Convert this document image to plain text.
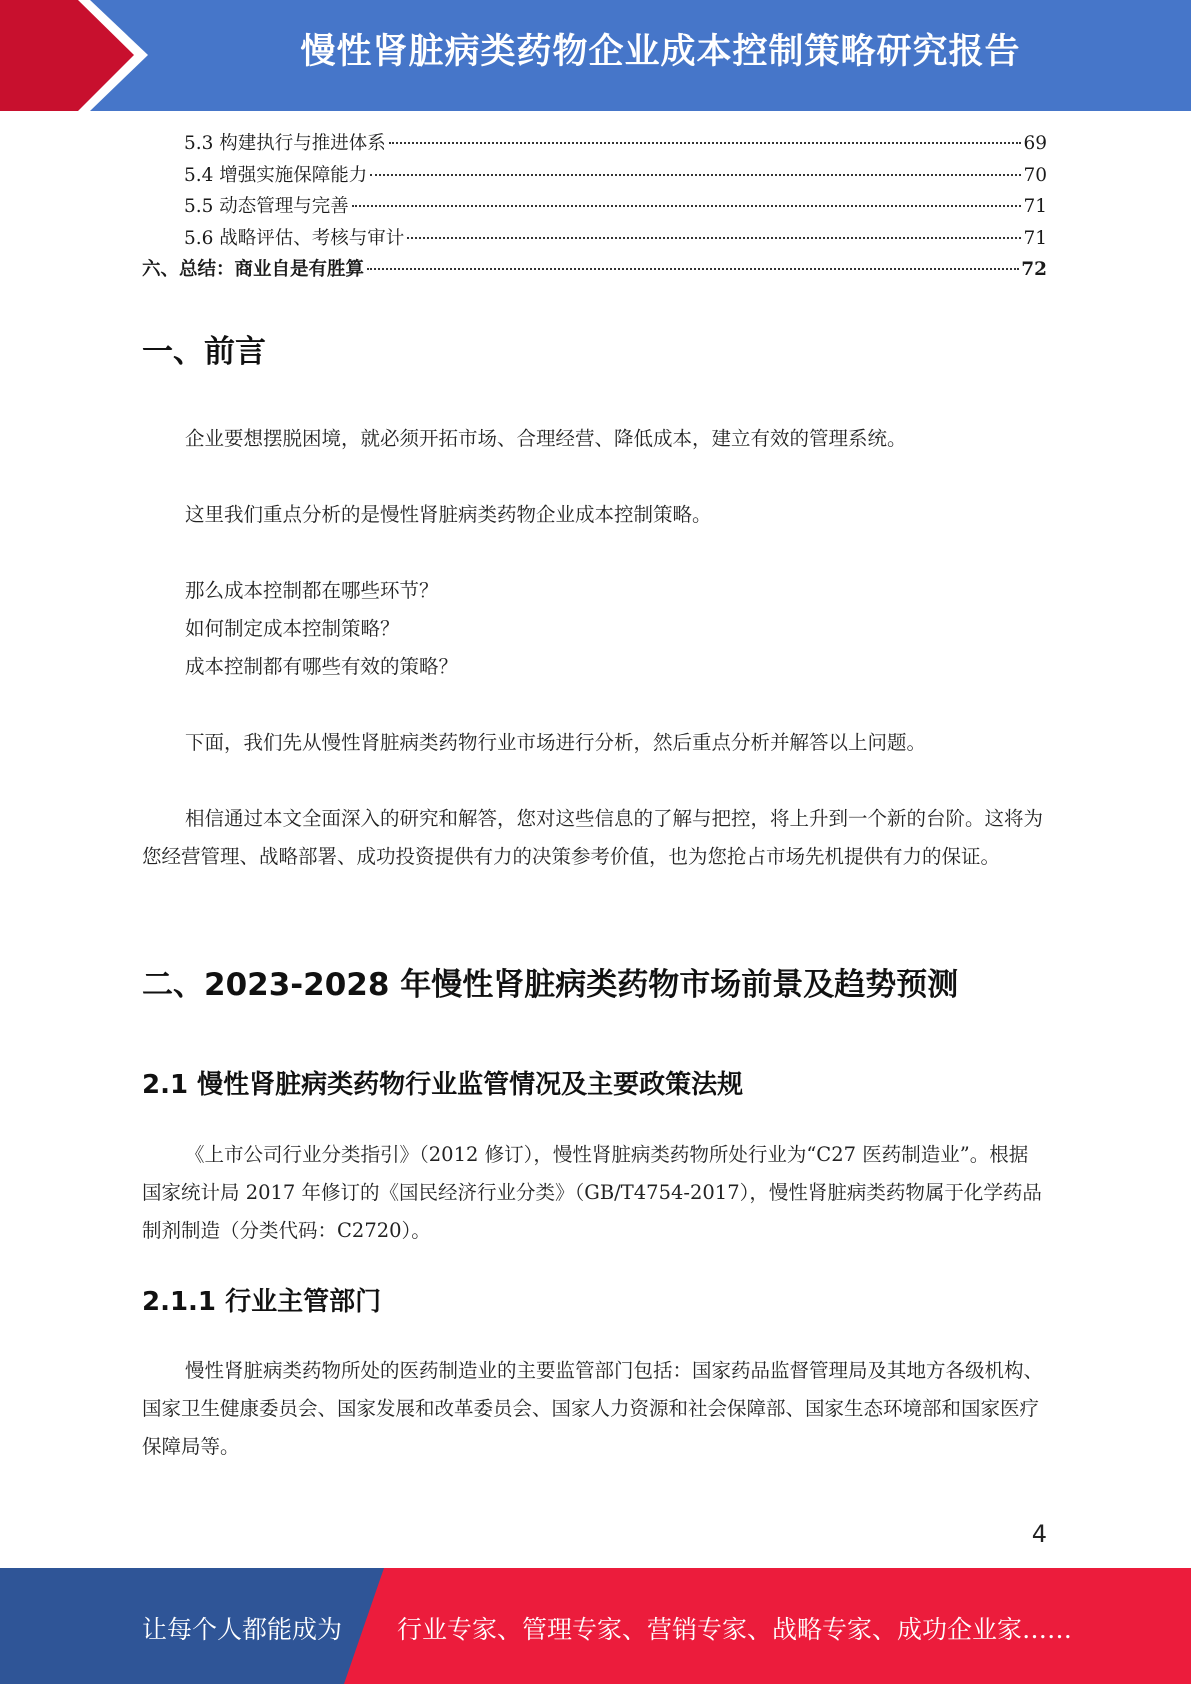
慢性肾脏病类药物企业成本控制策略研究报告
5.3 构建执行与推进体系	69
5.4 增强实施保障能力	70
5.5 动态管理与完善	71
5.6 战略评估、考核与审计	71
六、总结：商业自是有胜算	72
一、前言
企业要想摆脱困境，就必须开拓市场、合理经营、降低成本，建立有效的管理系统。
这里我们重点分析的是慢性肾脏病类药物企业成本控制策略。
那么成本控制都在哪些环节？
如何制定成本控制策略？
成本控制都有哪些有效的策略？
下面，我们先从慢性肾脏病类药物行业市场进行分析，然后重点分析并解答以上问题。
相信通过本文全面深入的研究和解答，您对这些信息的了解与把控，将上升到一个新的台阶。这将为您经营管理、战略部署、成功投资提供有力的决策参考价值，也为您抢占市场先机提供有力的保证。
二、2023-2028 年慢性肾脏病类药物市场前景及趋势预测
2.1 慢性肾脏病类药物行业监管情况及主要政策法规
《上市公司行业分类指引》（2012 修订），慢性肾脏病类药物所处行业为“C27 医药制造业”。根据国家统计局 2017 年修订的《国民经济行业分类》（GB/T4754-2017），慢性肾脏病类药物属于化学药品制剂制造（分类代码：C2720）。
2.1.1 行业主管部门
慢性肾脏病类药物所处的医药制造业的主要监管部门包括：国家药品监督管理局及其地方各级机构、国家卫生健康委员会、国家发展和改革委员会、国家人力资源和社会保障部、国家生态环境部和国家医疗保障局等。
4
让每个人都能成为 行业专家、管理专家、营销专家、战略专家、成功企业家……
